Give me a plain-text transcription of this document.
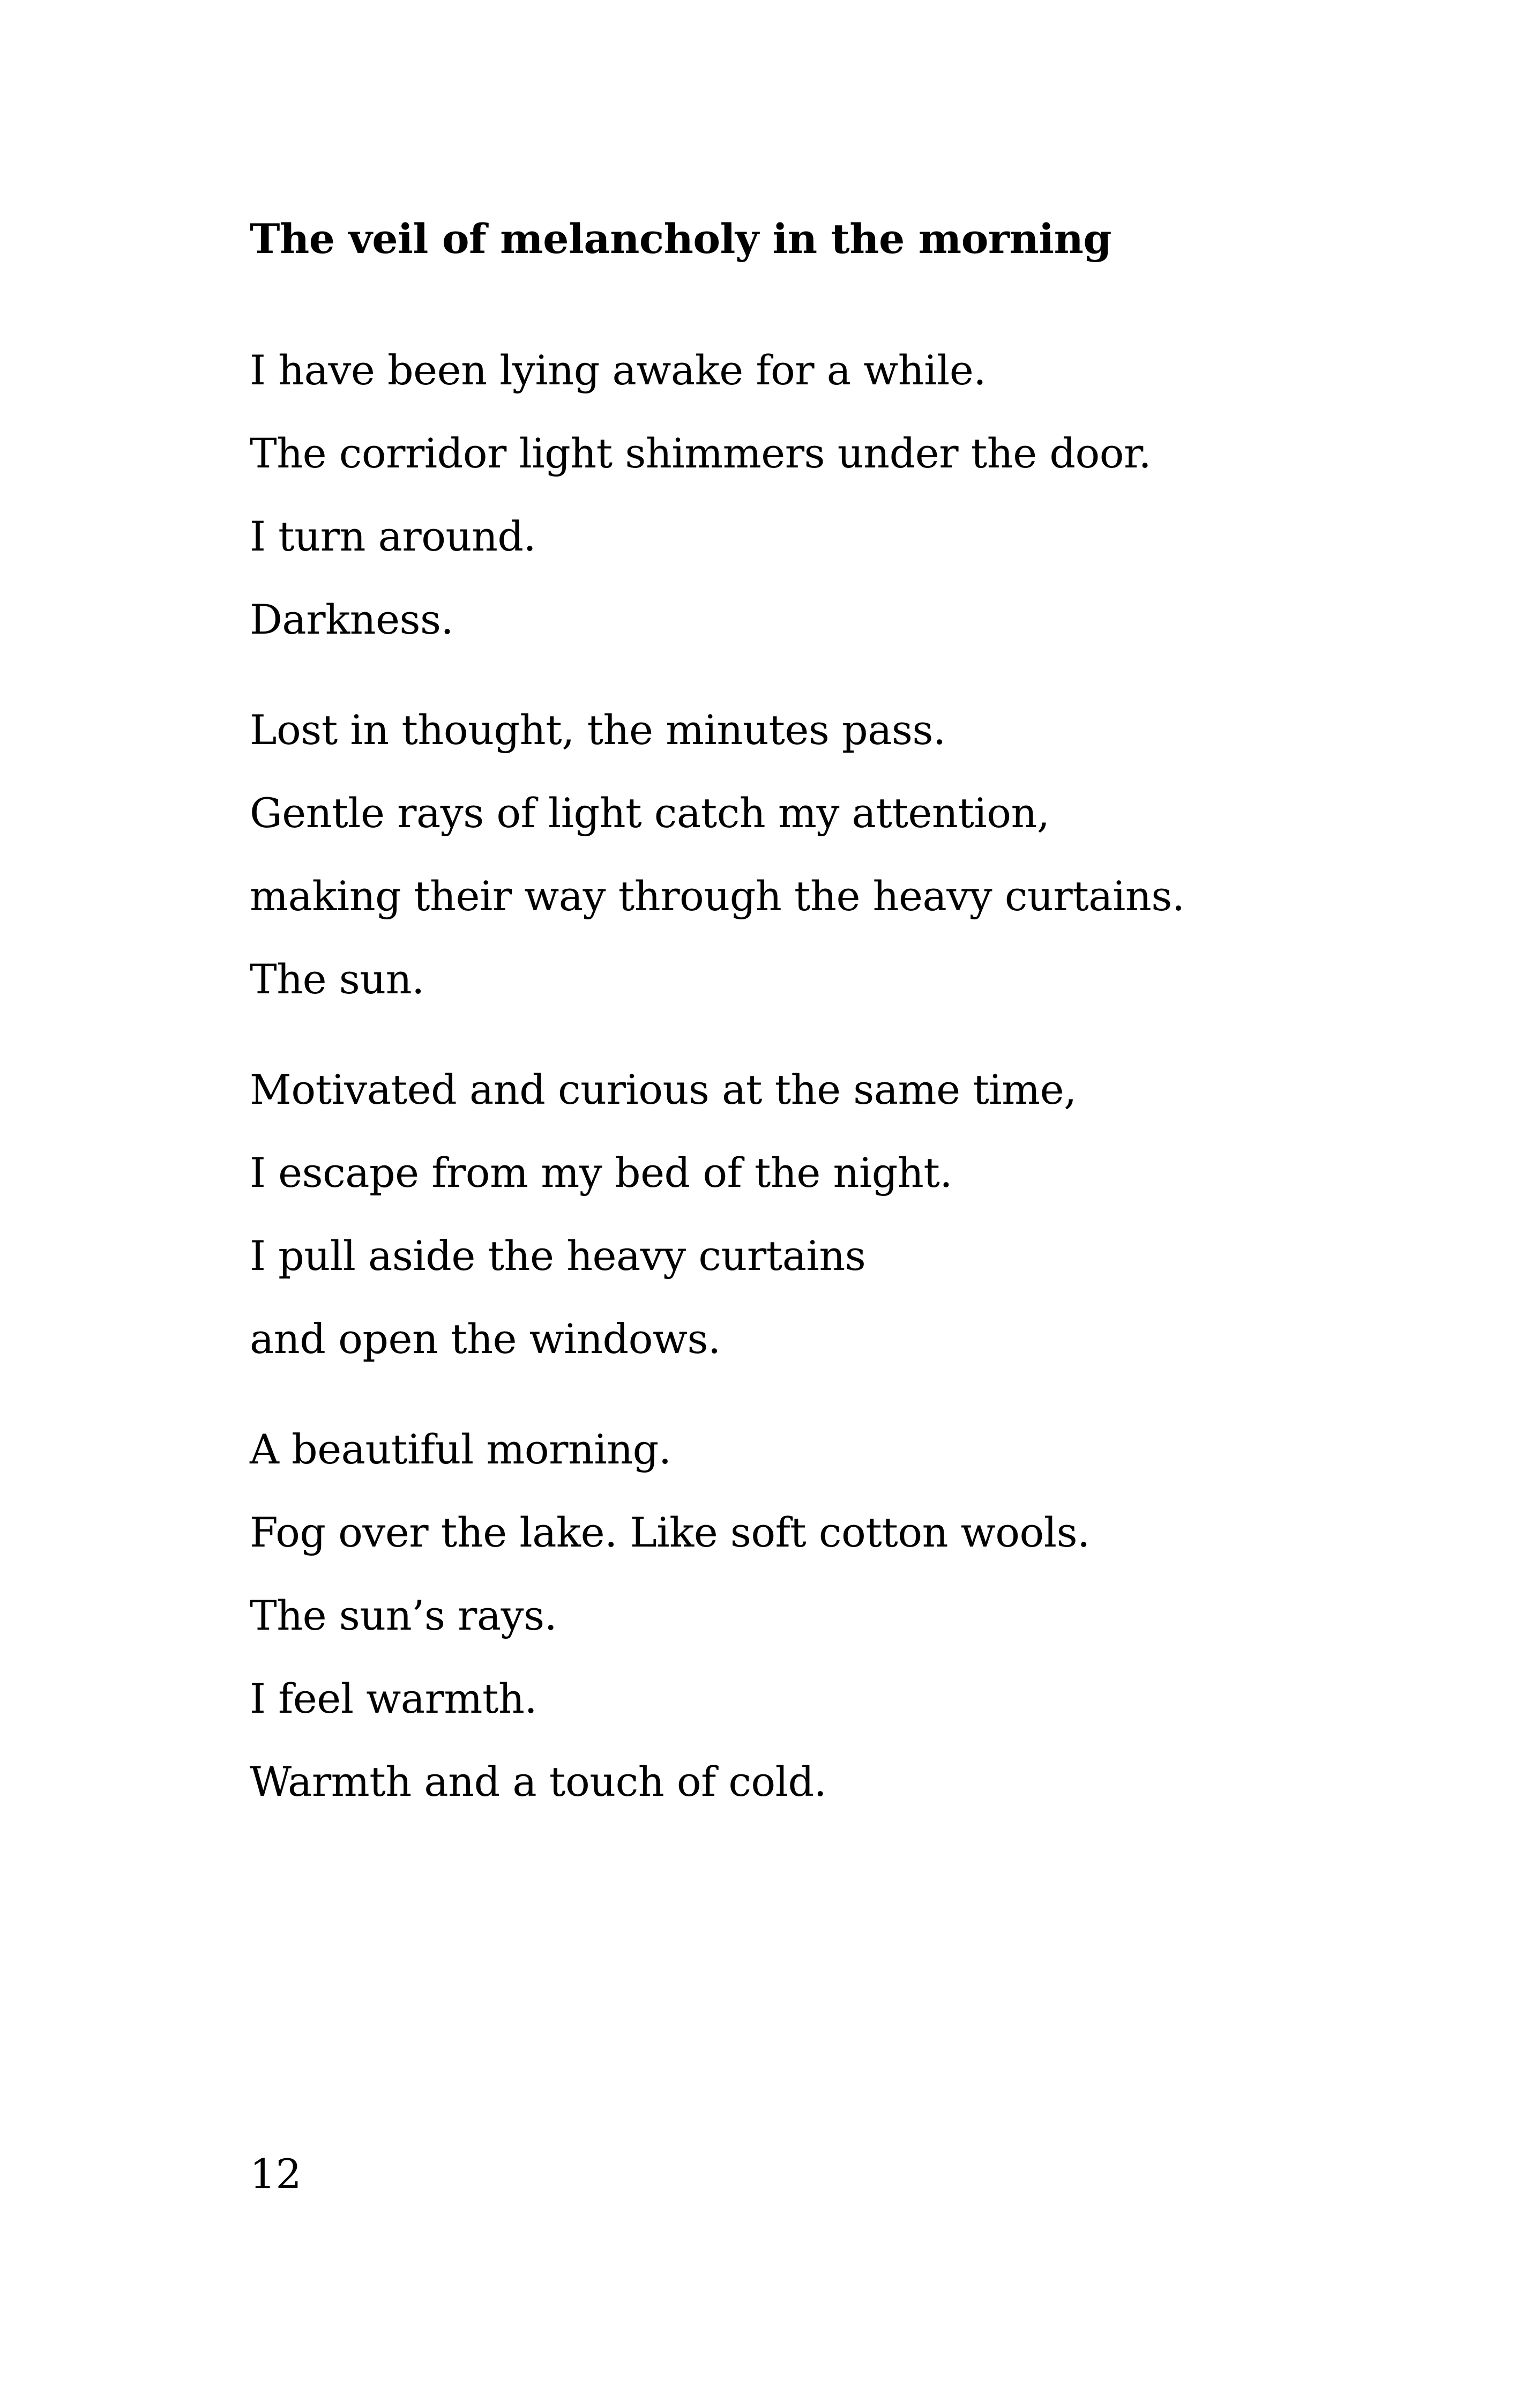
The veil of melancholy in the morning
I have been lying awake for a while.
The corridor light shimmers under the door.
I turn around.
Darkness.
Lost in thought, the minutes pass.
Gentle rays of light catch my attention,
making their way through the heavy curtains.
The sun.
Motivated and curious at the same time,
I escape from my bed of the night.
I pull aside the heavy curtains
and open the windows.
A beautiful morning.
Fog over the lake. Like soft cotton wools.
The sun’s rays.
I feel warmth.
Warmth and a touch of cold.
12
